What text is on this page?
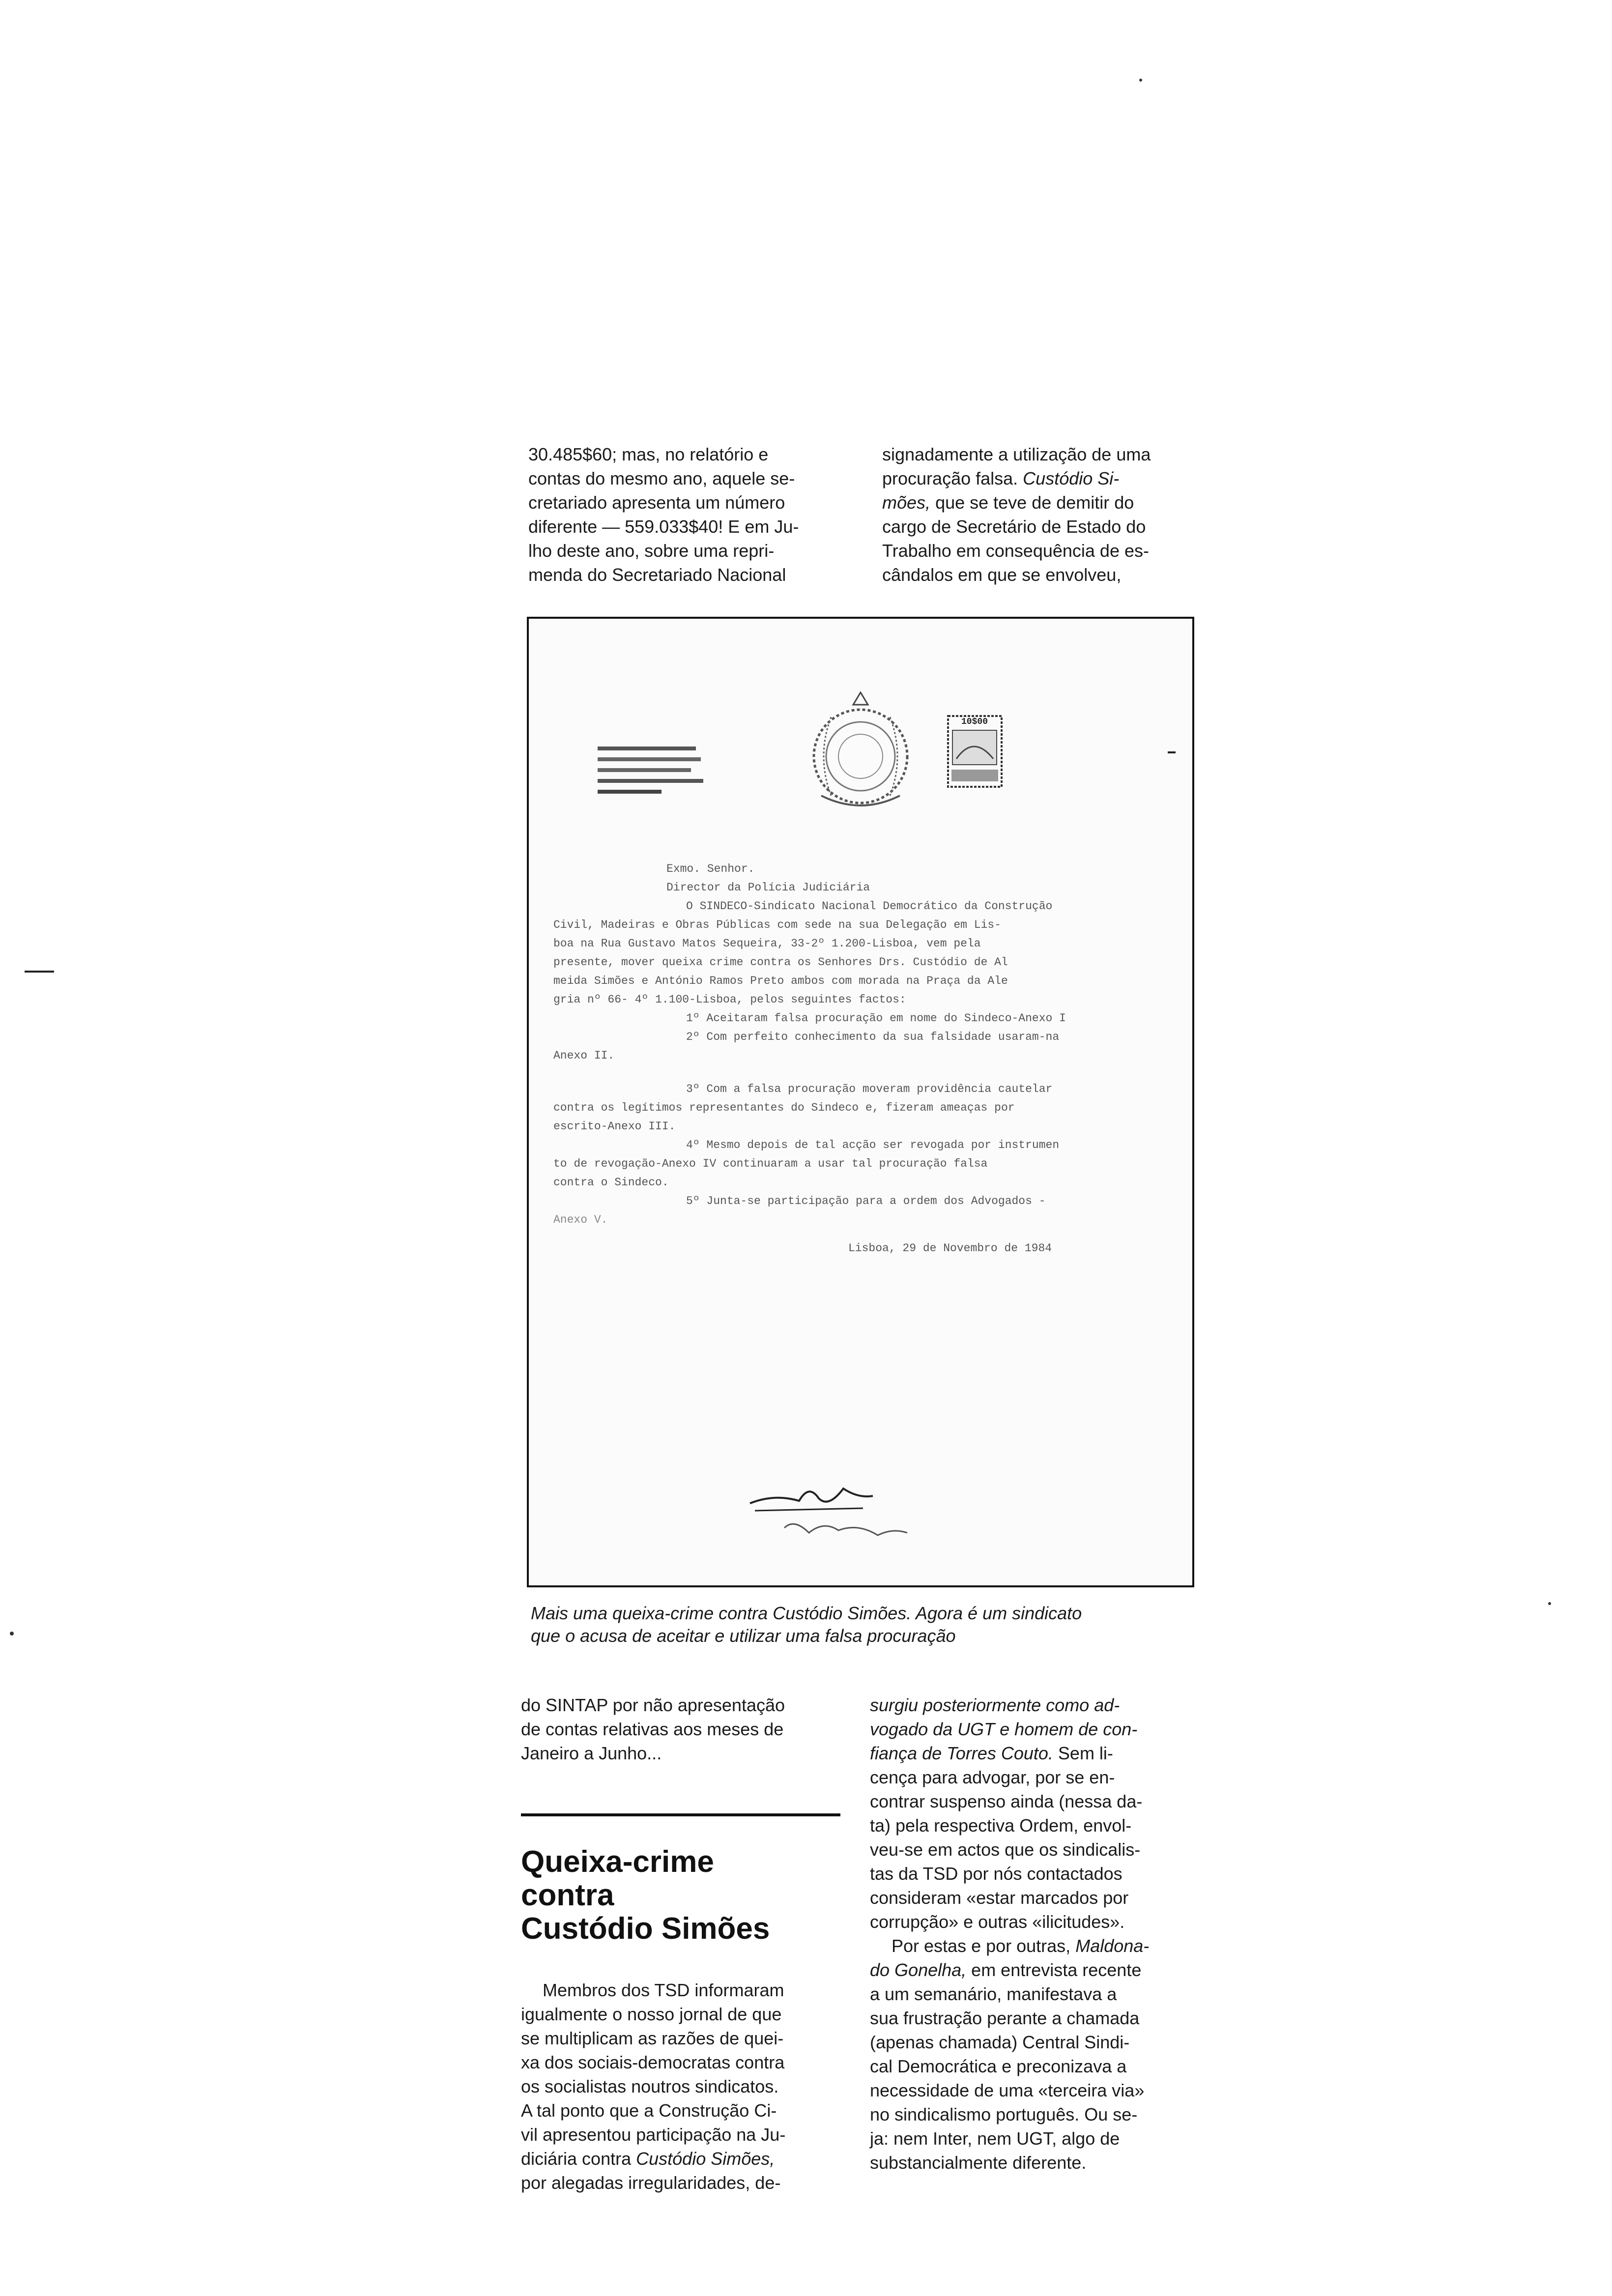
30.485$60; mas, no relatório e

contas do mesmo ano, aquele se-

cretariado apresenta um número

diferente — 559.033$40! E em Ju-

lho deste ano, sobre uma repri-

menda do Secretariado Nacional

signadamente a utilização de uma

procuração falsa. Custódio Si-

mões, que se teve de demitir do

cargo de Secretário de Estado do

Trabalho em consequência de es-

cândalos em que se envolveu,

10$00
Exmo. Senhor.
Director da Polícia Judiciária
O SINDECO-Sindicato Nacional Democrático da Construção
Civil, Madeiras e Obras Públicas com sede na sua Delegação em Lis-
boa na Rua Gustavo Matos Sequeira, 33-2º 1.200-Lisboa, vem pela
presente, mover queixa crime contra os Senhores Drs. Custódio de Al
meida Simões e António Ramos Preto ambos com morada na Praça da Ale
gria nº 66- 4º 1.100-Lisboa, pelos seguintes factos:
1º Aceitaram falsa procuração em nome do Sindeco-Anexo I
2º Com perfeito conhecimento da sua falsidade usaram-na
Anexo II.
3º Com a falsa procuração moveram providência cautelar
contra os legítimos representantes do Sindeco e, fizeram ameaças por
escrito-Anexo III.
4º Mesmo depois de tal acção ser revogada por instrumen
to de revogação-Anexo IV continuaram a usar tal procuração falsa
contra o Sindeco.
5º Junta-se participação para a ordem dos Advogados -
Anexo V.
Lisboa, 29 de Novembro de 1984
Mais uma queixa-crime contra Custódio Simões. Agora é um sindicato
que o acusa de aceitar e utilizar uma falsa procuração

do SINTAP por não apresentação

de contas relativas aos meses de

Janeiro a Junho...

Queixa-crime
contra
Custódio Simões

Membros dos TSD informaram

igualmente o nosso jornal de que

se multiplicam as razões de quei-

xa dos sociais-democratas contra

os socialistas noutros sindicatos.

A tal ponto que a Construção Ci-

vil apresentou participação na Ju-

diciária contra Custódio Simões,

por alegadas irregularidades, de-

surgiu posteriormente como ad-

vogado da UGT e homem de con-

fiança de Torres Couto. Sem li-

cença para advogar, por se en-

contrar suspenso ainda (nessa da-

ta) pela respectiva Ordem, envol-

veu-se em actos que os sindicalis-

tas da TSD por nós contactados

consideram «estar marcados por

corrupção» e outras «ilicitudes».

Por estas e por outras, Maldona-

do Gonelha, em entrevista recente

a um semanário, manifestava a

sua frustração perante a chamada

(apenas chamada) Central Sindi-

cal Democrática e preconizava a

necessidade de uma «terceira via»

no sindicalismo português. Ou se-

ja: nem Inter, nem UGT, algo de

substancialmente diferente.
